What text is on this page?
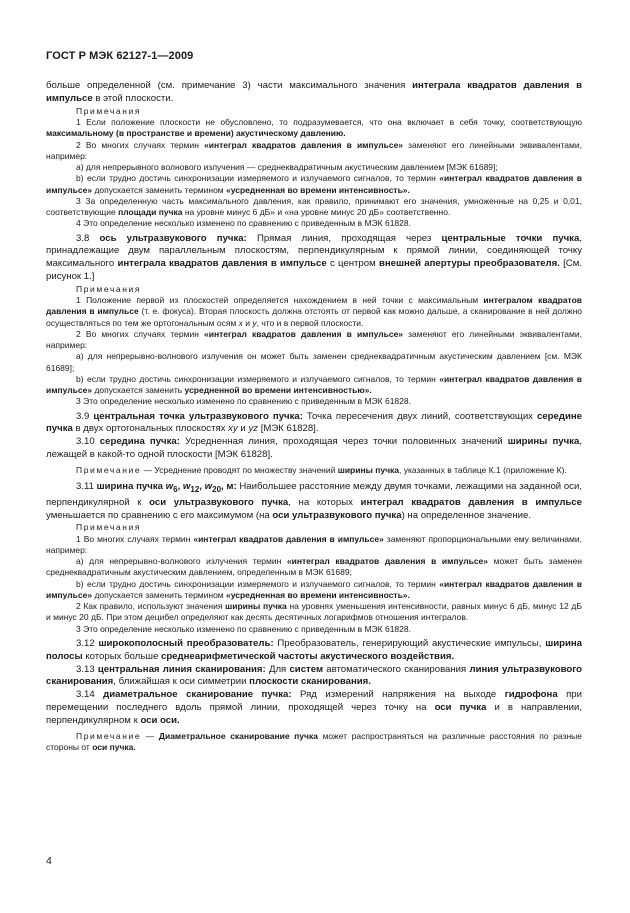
ГОСТ Р МЭК 62127-1—2009

больше определенной (см. примечание 3) части максимального значения интеграла квадратов давления в импульсе в этой плоскости.

Примечания

1 Если положение плоскости не обусловлено, то подразумевается, что она включает в себя точку, соответствующую максимальному (в пространстве и времени) акустическому давлению.

2 Во многих случаях термин «интеграл квадратов давления в импульсе» заменяют его линейными эквивалентами, например:

a) для непрерывного волнового излучения — среднеквадратичным акустическим давлением [МЭК 61689];

b) если трудно достичь синхронизации измеряемого и излучаемого сигналов, то термин «интеграл квадратов давления в импульсе» допускается заменить термином «усредненная во времени интенсивность».

3 За определенную часть максимального давления, как правило, принимают его значения, умноженные на 0,25 и 0,01, соответствующие площади пучка на уровне минус 6 дБ» и «на уровне минус 20 дБ» соответственно.

4 Это определение несколько изменено по сравнению с приведенным в МЭК 61828.

3.8 ось ультразвукового пучка: Прямая линия, проходящая через центральные точки пучка, принадлежащие двум параллельным плоскостям, перпендикулярным к прямой линии, соединяющей точку максимального интеграла квадратов давления в импульсе с центром внешней апертуры преобразователя. [См. рисунок 1.]

Примечания

1 Положение первой из плоскостей определяется нахождением в ней точки с максимальным интегралом квадратов давления в импульсе (т. е. фокуса). Вторая плоскость должна отстоять от первой как можно дальше, а сканирование в ней должно осуществляться по тем же ортогональным осям x и y, что и в первой плоскости.

2 Во многих случаях термин «интеграл квадратов давления в импульсе» заменяют его линейными эквивалентами, например:

a) для непрерывно-волнового излучения он может быть заменен среднеквадратичным акустическим давлением [см. МЭК 61689];

b) если трудно достичь синхронизации измеряемого и излучаемого сигналов, то термин «интеграл квадратов давления в импульсе» допускается заменить усредненной во времени интенсивностью».

3 Это определение несколько изменено по сравнению с приведенным в МЭК 61828.

3.9 центральная точка ультразвукового пучка: Точка пересечения двух линий, соответствующих середине пучка в двух ортогональных плоскостях xy и yz [МЭК 61828].

3.10 середина пучка: Усредненная линия, проходящая через точки половинных значений ширины пучка, лежащей в какой-то одной плоскости [МЭК 61828].

Примечание — Усреднение проводят по множеству значений ширины пучка, указанных в таблице К.1 (приложение К).

3.11 ширина пучка $w_6$, $w_{12}$, $w_{20}$, м: Наибольшее расстояние между двумя точками, лежащими на заданной оси, перпендикулярной к оси ультразвукового пучка, на которых интеграл квадратов давления в импульсе уменьшается по сравнению с его максимумом (на оси ультразвукового пучка) на определенное значение.

Примечания

1 Во многих случаях термин «интеграл квадратов давления в импульсе» заменяют пропорциональными ему величинами, например:

а) для непрерывно-волнового излучения термин «интеграл квадратов давления в импульсе» может быть заменен среднеквадратичным акустическим давлением, определенным в МЭК 61689;

b) если трудно достичь синхронизации измеряемого и излучаемого сигналов, то термин «интеграл квадратов давления в импульсе» допускается заменить термином «усредненная во времени интенсивность».

2 Как правило, используют значения ширины пучка на уровнях уменьшения интенсивности, равных минус 6 дБ, минус 12 дБ и минус 20 дБ. При этом децибел определяют как десять десятичных логарифмов отношения интегралов.

3 Это определение несколько изменено по сравнению с приведенным в МЭК 61828.

3.12 широкополосный преобразователь: Преобразователь, генерирующий акустические импульсы, ширина полосы которых больше среднеарифметической частоты акустического воздействия.

3.13 центральная линия сканирования: Для систем автоматического сканирования линия ультразвукового сканирования, ближайшая к оси симметрии плоскости сканирования.

3.14 диаметральное сканирование пучка: Ряд измерений напряжения на выходе гидрофона при перемещении последнего вдоль прямой линии, проходящей через точку на оси пучка и в направлении, перпендикулярном к оси оси.

Примечание — Диаметральное сканирование пучка может распространяться на различные расстояния по разные стороны от оси пучка.

4
